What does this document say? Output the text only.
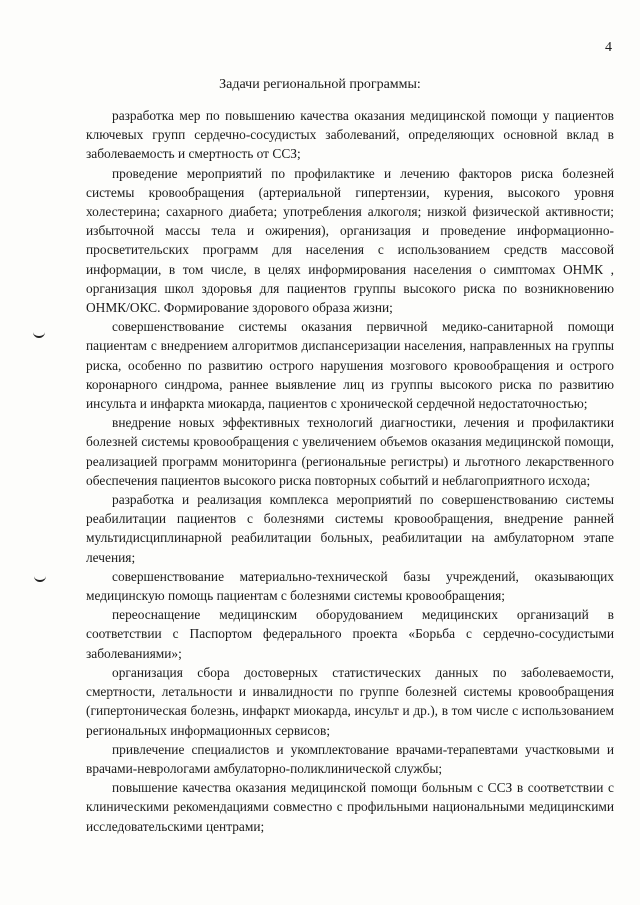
4
Задачи региональной программы:

разработка мер по повышению качества оказания медицинской помощи у пациентов ключевых групп сердечно-сосудистых заболеваний, определяющих основной вклад в заболеваемость и смертность от ССЗ;

проведение мероприятий по профилактике и лечению факторов риска болезней системы кровообращения (артериальной гипертензии, курения, высокого уровня холестерина; сахарного диабета; употребления алкоголя; низкой физической активности; избыточной массы тела и ожирения), организация и проведение информационно-просветительских программ для населения с использованием средств массовой информации, в том числе, в целях информирования населения о симптомах ОНМК , организация школ здоровья для пациентов группы высокого риска по возникновению ОНМК/ОКС. Формирование здорового образа жизни;

совершенствование системы оказания первичной медико-санитарной помощи пациентам с внедрением алгоритмов диспансеризации населения, направленных на группы риска, особенно по развитию острого нарушения мозгового кровообращения и острого коронарного синдрома, раннее выявление лиц из группы высокого риска по развитию инсульта и инфаркта миокарда, пациентов с хронической сердечной недостаточностью;

внедрение новых эффективных технологий диагностики, лечения и профилактики болезней системы кровообращения с увеличением объемов оказания медицинской помощи, реализацией программ мониторинга (региональные регистры) и льготного лекарственного обеспечения пациентов высокого риска повторных событий и неблагоприятного исхода;

разработка и реализация комплекса мероприятий по совершенствованию системы реабилитации пациентов с болезнями системы кровообращения, внедрение ранней мультидисциплинарной реабилитации больных, реабилитации на амбулаторном этапе лечения;

совершенствование материально-технической базы учреждений, оказывающих медицинскую помощь пациентам с болезнями системы кровообращения;

переоснащение медицинским оборудованием медицинских организаций в соответствии с Паспортом федерального проекта «Борьба с сердечно-сосудистыми заболеваниями»;

организация сбора достоверных статистических данных по заболеваемости, смертности, летальности и инвалидности по группе болезней системы кровообращения (гипертоническая болезнь, инфаркт миокарда, инсульт и др.), в том числе с использованием региональных информационных сервисов;

привлечение специалистов и укомплектование врачами-терапевтами участковыми и врачами-неврологами амбулаторно-поликлинической службы;

повышение качества оказания медицинской помощи больным с ССЗ в соответствии с клиническими рекомендациями совместно с профильными национальными медицинскими исследовательскими центрами;
